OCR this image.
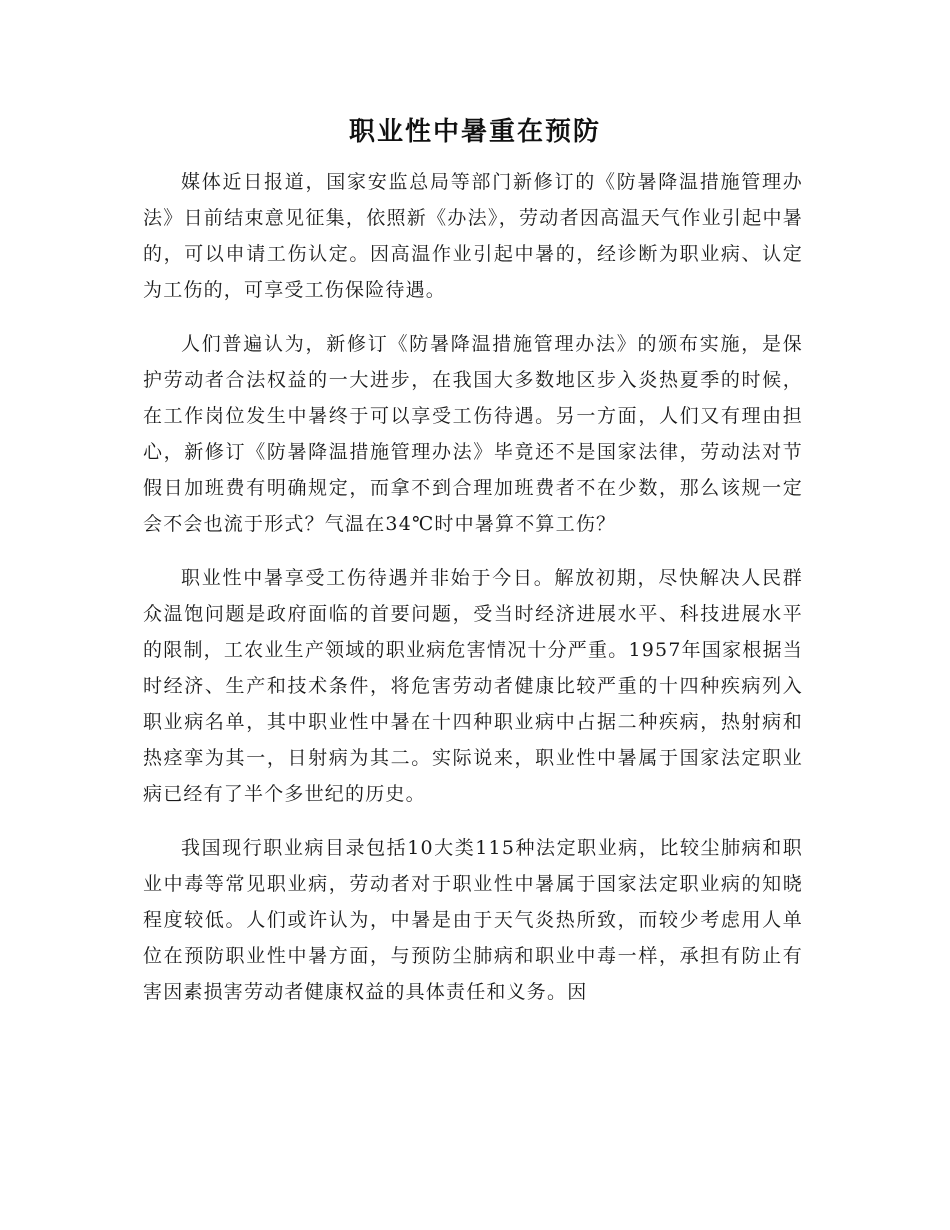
职业性中暑重在预防

媒体近日报道，国家安监总局等部门新修订的《防暑降温措施管理办法》日前结束意见征集，依照新《办法》，劳动者因高温天气作业引起中暑的，可以申请工伤认定。因高温作业引起中暑的，经诊断为职业病、认定为工伤的，可享受工伤保险待遇。

人们普遍认为，新修订《防暑降温措施管理办法》的颁布实施，是保护劳动者合法权益的一大进步，在我国大多数地区步入炎热夏季的时候，在工作岗位发生中暑终于可以享受工伤待遇。另一方面，人们又有理由担心，新修订《防暑降温措施管理办法》毕竟还不是国家法律，劳动法对节假日加班费有明确规定，而拿不到合理加班费者不在少数，那么该规一定会不会也流于形式？气温在34℃时中暑算不算工伤？

职业性中暑享受工伤待遇并非始于今日。解放初期，尽快解决人民群众温饱问题是政府面临的首要问题，受当时经济进展水平、科技进展水平的限制，工农业生产领域的职业病危害情况十分严重。1957年国家根据当时经济、生产和技术条件，将危害劳动者健康比较严重的十四种疾病列入职业病名单，其中职业性中暑在十四种职业病中占据二种疾病，热射病和热痉挛为其一，日射病为其二。实际说来，职业性中暑属于国家法定职业病已经有了半个多世纪的历史。

我国现行职业病目录包括10大类115种法定职业病，比较尘肺病和职业中毒等常见职业病，劳动者对于职业性中暑属于国家法定职业病的知晓程度较低。人们或许认为，中暑是由于天气炎热所致，而较少考虑用人单位在预防职业性中暑方面，与预防尘肺病和职业中毒一样，承担有防止有害因素损害劳动者健康权益的具体责任和义务。因
